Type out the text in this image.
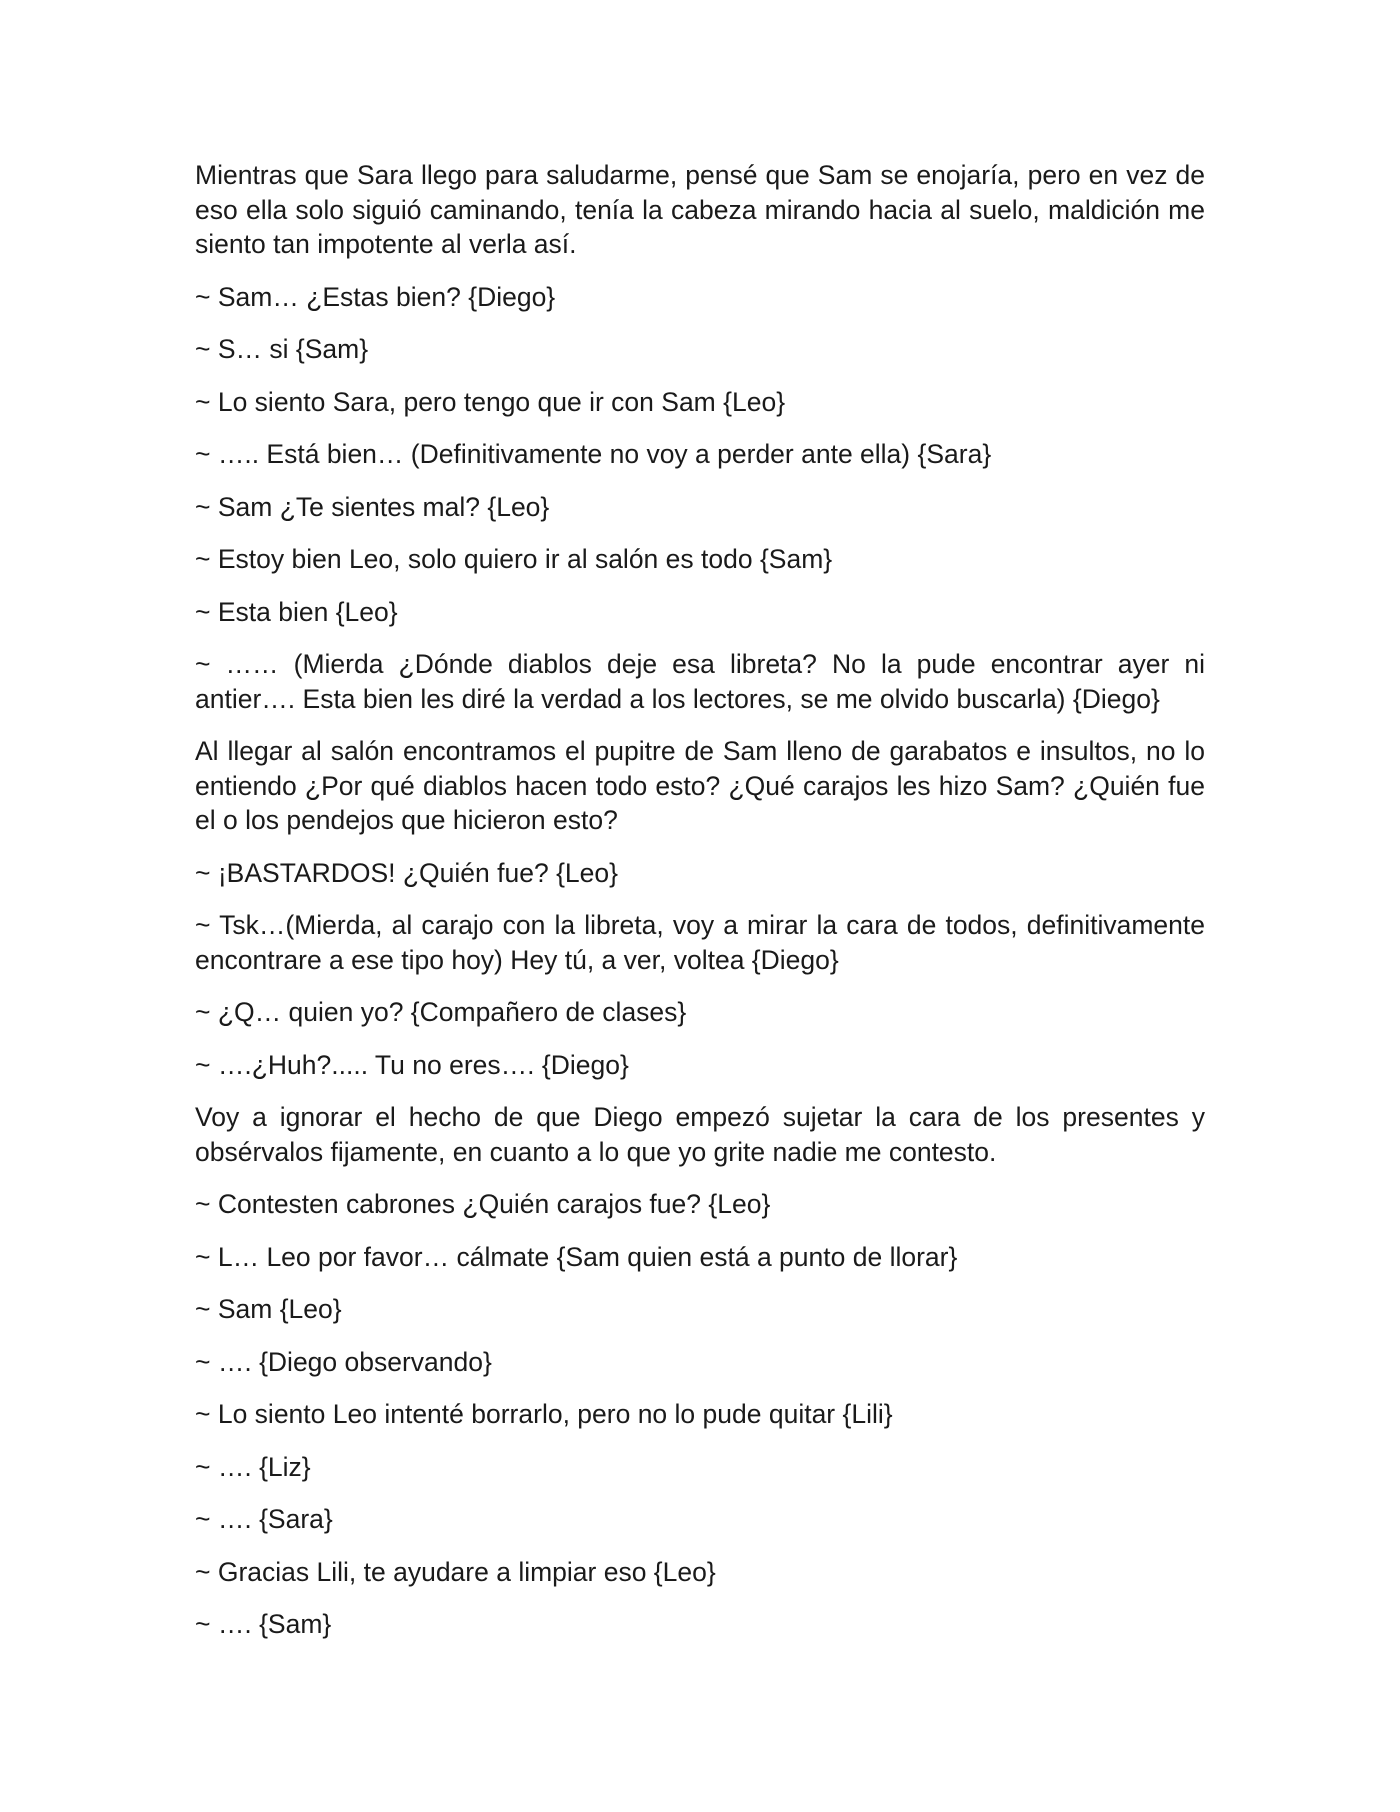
Mientras que Sara llego para saludarme, pensé que Sam se enojaría, pero en vez de eso ella solo siguió caminando, tenía la cabeza mirando hacia al suelo, maldición me siento tan impotente al verla así.

~ Sam… ¿Estas bien? {Diego}

~ S… si {Sam}

~ Lo siento Sara, pero tengo que ir con Sam {Leo}

~ ….. Está bien… (Definitivamente no voy a perder ante ella) {Sara}

~ Sam ¿Te sientes mal? {Leo}

~ Estoy bien Leo, solo quiero ir al salón es todo {Sam}

~ Esta bien {Leo}

~ …… (Mierda ¿Dónde diablos deje esa libreta? No la pude encontrar ayer ni antier…. Esta bien les diré la verdad a los lectores, se me olvido buscarla) {Diego}

Al llegar al salón encontramos el pupitre de Sam lleno de garabatos e insultos, no lo entiendo ¿Por qué diablos hacen todo esto? ¿Qué carajos les hizo Sam? ¿Quién fue el o los pendejos que hicieron esto?

~ ¡BASTARDOS! ¿Quién fue? {Leo}

~ Tsk…(Mierda, al carajo con la libreta, voy a mirar la cara de todos, definitivamente encontrare a ese tipo hoy) Hey tú, a ver, voltea {Diego}

~ ¿Q… quien yo? {Compañero de clases}

~ ….¿Huh?..... Tu no eres…. {Diego}

Voy a ignorar el hecho de que Diego empezó sujetar la cara de los presentes y obsérvalos fijamente, en cuanto a lo que yo grite nadie me contesto.

~ Contesten cabrones ¿Quién carajos fue? {Leo}

~ L… Leo por favor… cálmate {Sam quien está a punto de llorar}

~ Sam {Leo}

~ …. {Diego observando}

~ Lo siento Leo intenté borrarlo, pero no lo pude quitar {Lili}

~ …. {Liz}

~ …. {Sara}

~ Gracias Lili, te ayudare a limpiar eso {Leo}

~ …. {Sam}
